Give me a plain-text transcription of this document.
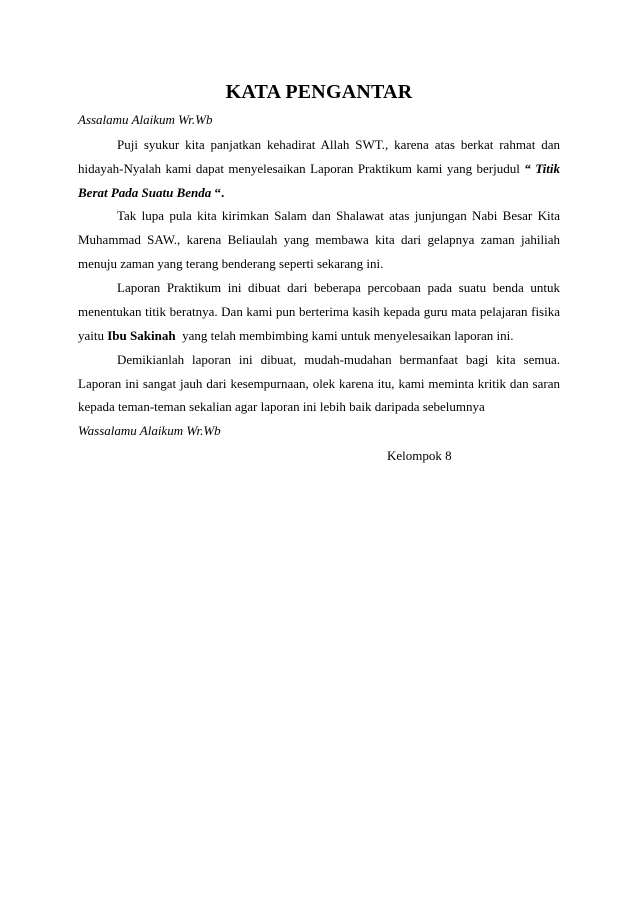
KATA PENGANTAR
Assalamu Alaikum Wr.Wb
Puji syukur kita panjatkan kehadirat Allah SWT., karena atas berkat rahmat dan
hidayah-Nyalah kami dapat menyelesaikan Laporan Praktikum kami yang berjudul “ Titik
Berat Pada Suatu Benda “.
Tak lupa pula kita kirimkan Salam dan Shalawat atas junjungan Nabi Besar Kita
Muhammad SAW., karena Beliaulah yang membawa kita dari gelapnya zaman jahiliah
menuju zaman yang terang benderang seperti sekarang ini.
Laporan Praktikum ini dibuat dari beberapa percobaan pada suatu benda untuk
menentukan titik beratnya. Dan kami pun berterima kasih kepada guru mata pelajaran fisika
yaitu Ibu Sakinah  yang telah membimbing kami untuk menyelesaikan laporan ini.
Demikianlah laporan ini dibuat, mudah-mudahan bermanfaat bagi kita semua.
Laporan ini sangat jauh dari kesempurnaan, olek karena itu, kami meminta kritik dan saran
kepada teman-teman sekalian agar laporan ini lebih baik daripada sebelumnya
Wassalamu Alaikum Wr.Wb
Kelompok 8
